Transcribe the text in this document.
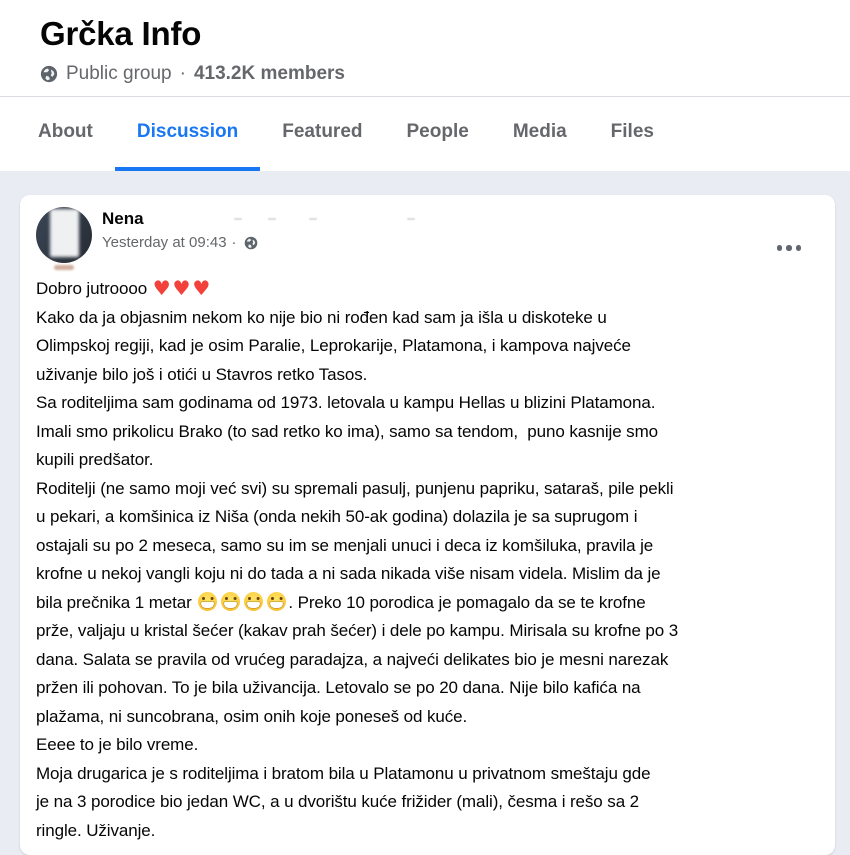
Grčka Info
Public group · 413.2K members
About	Discussion	Featured	People	Media	Files
Nena
Yesterday at 09:43 ·
Dobro jutroooo ♥ ♥ ♥
Kako da ja objasnim nekom ko nije bio ni rođen kad sam ja išla u diskoteke u
Olimpskoj regiji, kad je osim Paralie, Leprokarije, Platamona, i kampova najveće
uživanje bilo još i otići u Stavros retko Tasos.
Sa roditeljima sam godinama od 1973. letovala u kampu Hellas u blizini Platamona.
Imali smo prikolicu Brako (to sad retko ko ima), samo sa tendom,  puno kasnije smo
kupili predšator.
Roditelji (ne samo moji već svi) su spremali pasulj, punjenu papriku, sataraš, pile pekli
u pekari, a komšinica iz Niša (onda nekih 50-ak godina) dolazila je sa suprugom i
ostajali su po 2 meseca, samo su im se menjali unuci i deca iz komšiluka, pravila je
krofne u nekoj vangli koju ni do tada a ni sada nikada više nisam videla. Mislim da je
bila prečnika 1 metar	. Preko 10 porodica je pomagalo da se te krofne
prže, valjaju u kristal šećer (kakav prah šećer) i dele po kampu. Mirisala su krofne po 3
dana. Salata se pravila od vrućeg paradajza, a najveći delikates bio je mesni narezak
pržen ili pohovan. To je bila uživancija. Letovalo se po 20 dana. Nije bilo kafića na
plažama, ni suncobrana, osim onih koje poneseš od kuće.
Eeee to je bilo vreme.
Moja drugarica je s roditeljima i bratom bila u Platamonu u privatnom smeštaju gde
je na 3 porodice bio jedan WC, a u dvorištu kuće frižider (mali), česma i rešo sa 2
ringle. Uživanje.
